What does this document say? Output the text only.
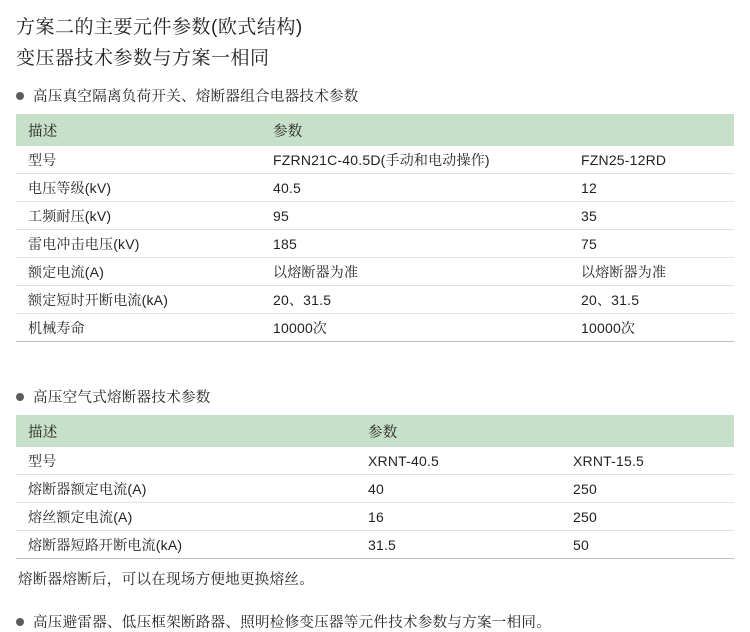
方案二的主要元件参数(欧式结构)
变压器技术参数与方案一相同
高压真空隔离负荷开关、熔断器组合电器技术参数
描述	参数	
型号	FZRN21C-40.5D(手动和电动操作)	FZN25-12RD
电压等级(kV)	40.5	12
工频耐压(kV)	95	35
雷电冲击电压(kV)	185	75
额定电流(A)	以熔断器为准	以熔断器为准
额定短时开断电流(kA)	20、31.5	20、31.5
机械寿命	10000次	10000次
高压空气式熔断器技术参数
描述	参数	
型号	XRNT-40.5	XRNT-15.5
熔断器额定电流(A)	40	250
熔丝额定电流(A)	16	250
熔断器短路开断电流(kA)	31.5	50
熔断器熔断后，可以在现场方便地更换熔丝。
高压避雷器、低压框架断路器、照明检修变压器等元件技术参数与方案一相同。
